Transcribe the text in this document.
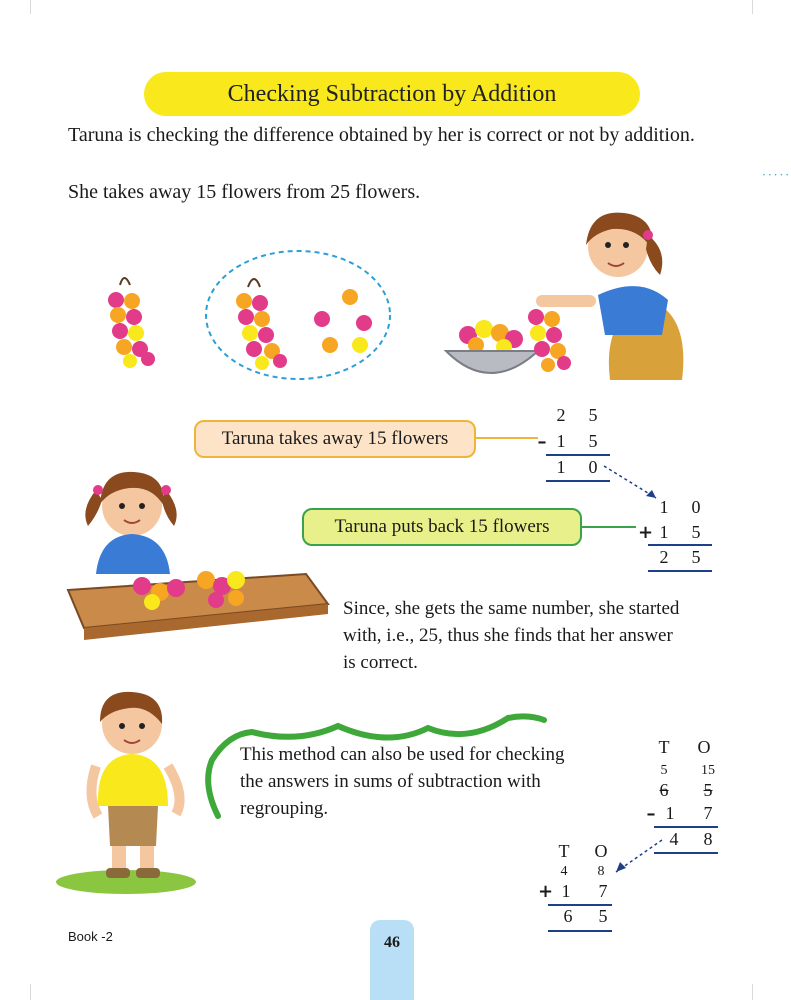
·····
Checking Subtraction by Addition
Taruna is checking the difference obtained by her is correct or not by addition.
She takes away 15 flowers from 25 flowers.
Taruna takes away 15 flowers
2	5
– 1	5
1	0
Taruna puts back 15 flowers
1	0
+ 1	5
2	5
Since, she gets the same number, she started with, i.e., 25, thus she finds that her answer is correct.
This method can also be used for checking the answers in sums of subtraction with regrouping.
T O
5	15
6	5
– 1	7
4	8
T O
4	8
+ 1	7
6	5
Book -2	46
